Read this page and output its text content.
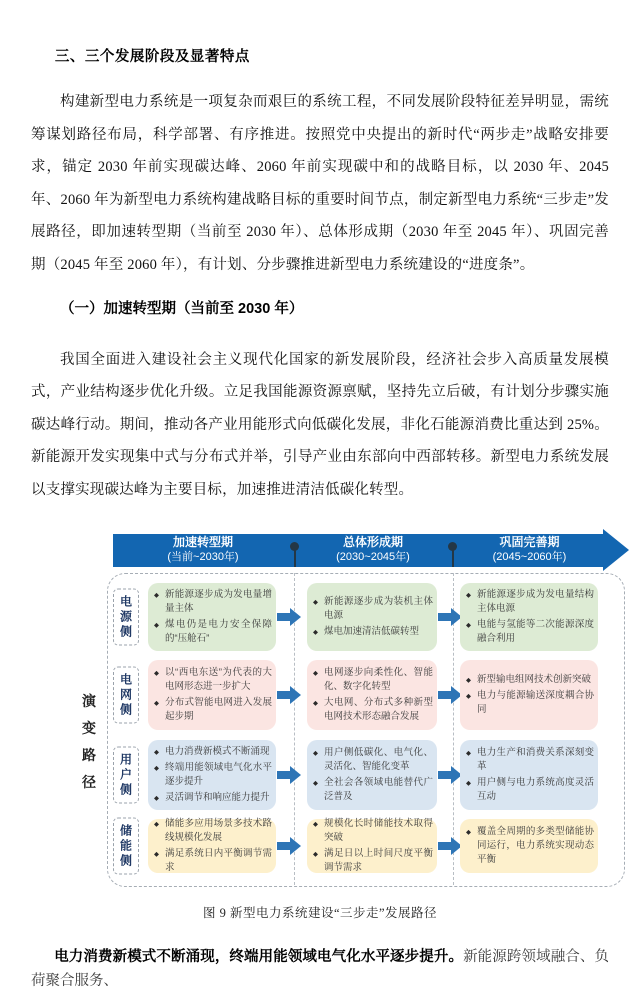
三、三个发展阶段及显著特点

构建新型电力系统是一项复杂而艰巨的系统工程，不同发展阶段特征差异明显，需统筹谋划路径布局，科学部署、有序推进。按照党中央提出的新时代“两步走”战略安排要求，锚定 2030 年前实现碳达峰、2060 年前实现碳中和的战略目标，以 2030 年、2045 年、2060 年为新型电力系统构建战略目标的重要时间节点，制定新型电力系统“三步走”发展路径，即加速转型期（当前至 2030 年）、总体形成期（2030 年至 2045 年）、巩固完善期（2045 年至 2060 年），有计划、分步骤推进新型电力系统建设的“进度条”。

（一）加速转型期（当前至 2030 年）

我国全面进入建设社会主义现代化国家的新发展阶段，经济社会步入高质量发展模式，产业结构逐步优化升级。立足我国能源资源禀赋，坚持先立后破，有计划分步骤实施碳达峰行动。期间，推动各产业用能形式向低碳化发展，非化石能源消费比重达到 25%。新能源开发实现集中式与分布式并举，引导产业由东部向中西部转移。新型电力系统发展以支撑实现碳达峰为主要目标，加速推进清洁低碳化转型。

加速转型期
(当前~2030年)
总体形成期
(2030~2045年)
巩固完善期
(2045~2060年)
演变路径
电源侧
◆ 新能源逐步成为发电量增量主体
◆ 煤电仍是电力安全保障的“压舱石”
◆ 新能源逐步成为装机主体电源
◆ 煤电加速清洁低碳转型
◆ 新能源逐步成为发电量结构主体电源
◆ 电能与氢能等二次能源深度融合利用
电网侧
◆ 以“西电东送”为代表的大电网形态进一步扩大
◆ 分布式智能电网进入发展起步期
◆ 电网逐步向柔性化、智能化、数字化转型
◆ 大电网、分布式多种新型电网技术形态融合发展
◆ 新型输电组网技术创新突破
◆ 电力与能源输送深度耦合协同
用户侧
◆ 电力消费新模式不断涌现
◆ 终端用能领域电气化水平逐步提升
◆ 灵活调节和响应能力提升
◆ 用户侧低碳化、电气化、灵活化、智能化变革
◆ 全社会各领域电能替代广泛普及
◆ 电力生产和消费关系深刻变革
◆ 用户侧与电力系统高度灵活互动
储能侧
◆ 储能多应用场景多技术路线规模化发展
◆ 满足系统日内平衡调节需求
◆ 规模化长时储能技术取得突破
◆ 满足日以上时间尺度平衡调节需求
◆ 覆盖全周期的多类型储能协同运行，电力系统实现动态平衡
图 9 新型电力系统建设“三步走”发展路径

电力消费新模式不断涌现，终端用能领域电气化水平逐步提升。新能源跨领域融合、负荷聚合服务、
